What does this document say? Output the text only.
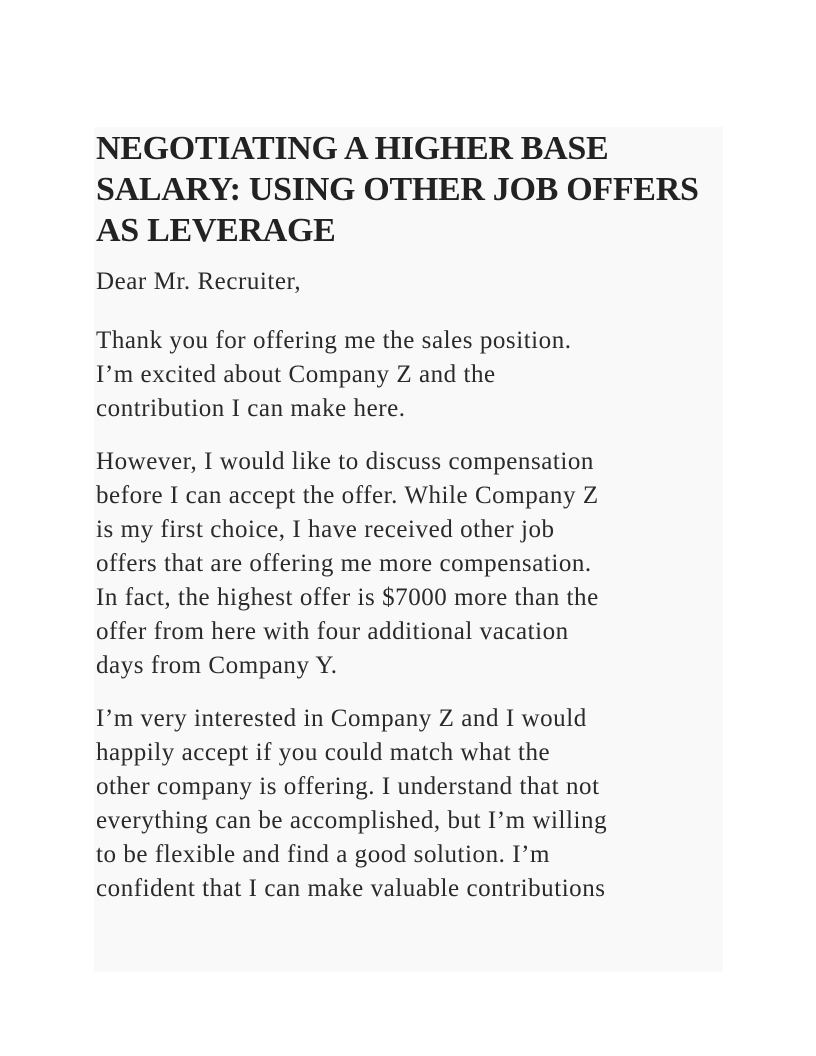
NEGOTIATING A HIGHER BASE SALARY: USING OTHER JOB OFFERS AS LEVERAGE

Dear Mr. Recruiter,

Thank you for offering me the sales position.
I’m excited about Company Z and the
contribution I can make here.

However, I would like to discuss compensation
before I can accept the offer. While Company Z
is my first choice, I have received other job
offers that are offering me more compensation.
In fact, the highest offer is $7000 more than the
offer from here with four additional vacation
days from Company Y.

I’m very interested in Company Z and I would
happily accept if you could match what the
other company is offering. I understand that not
everything can be accomplished, but I’m willing
to be flexible and find a good solution. I’m
confident that I can make valuable contributions
